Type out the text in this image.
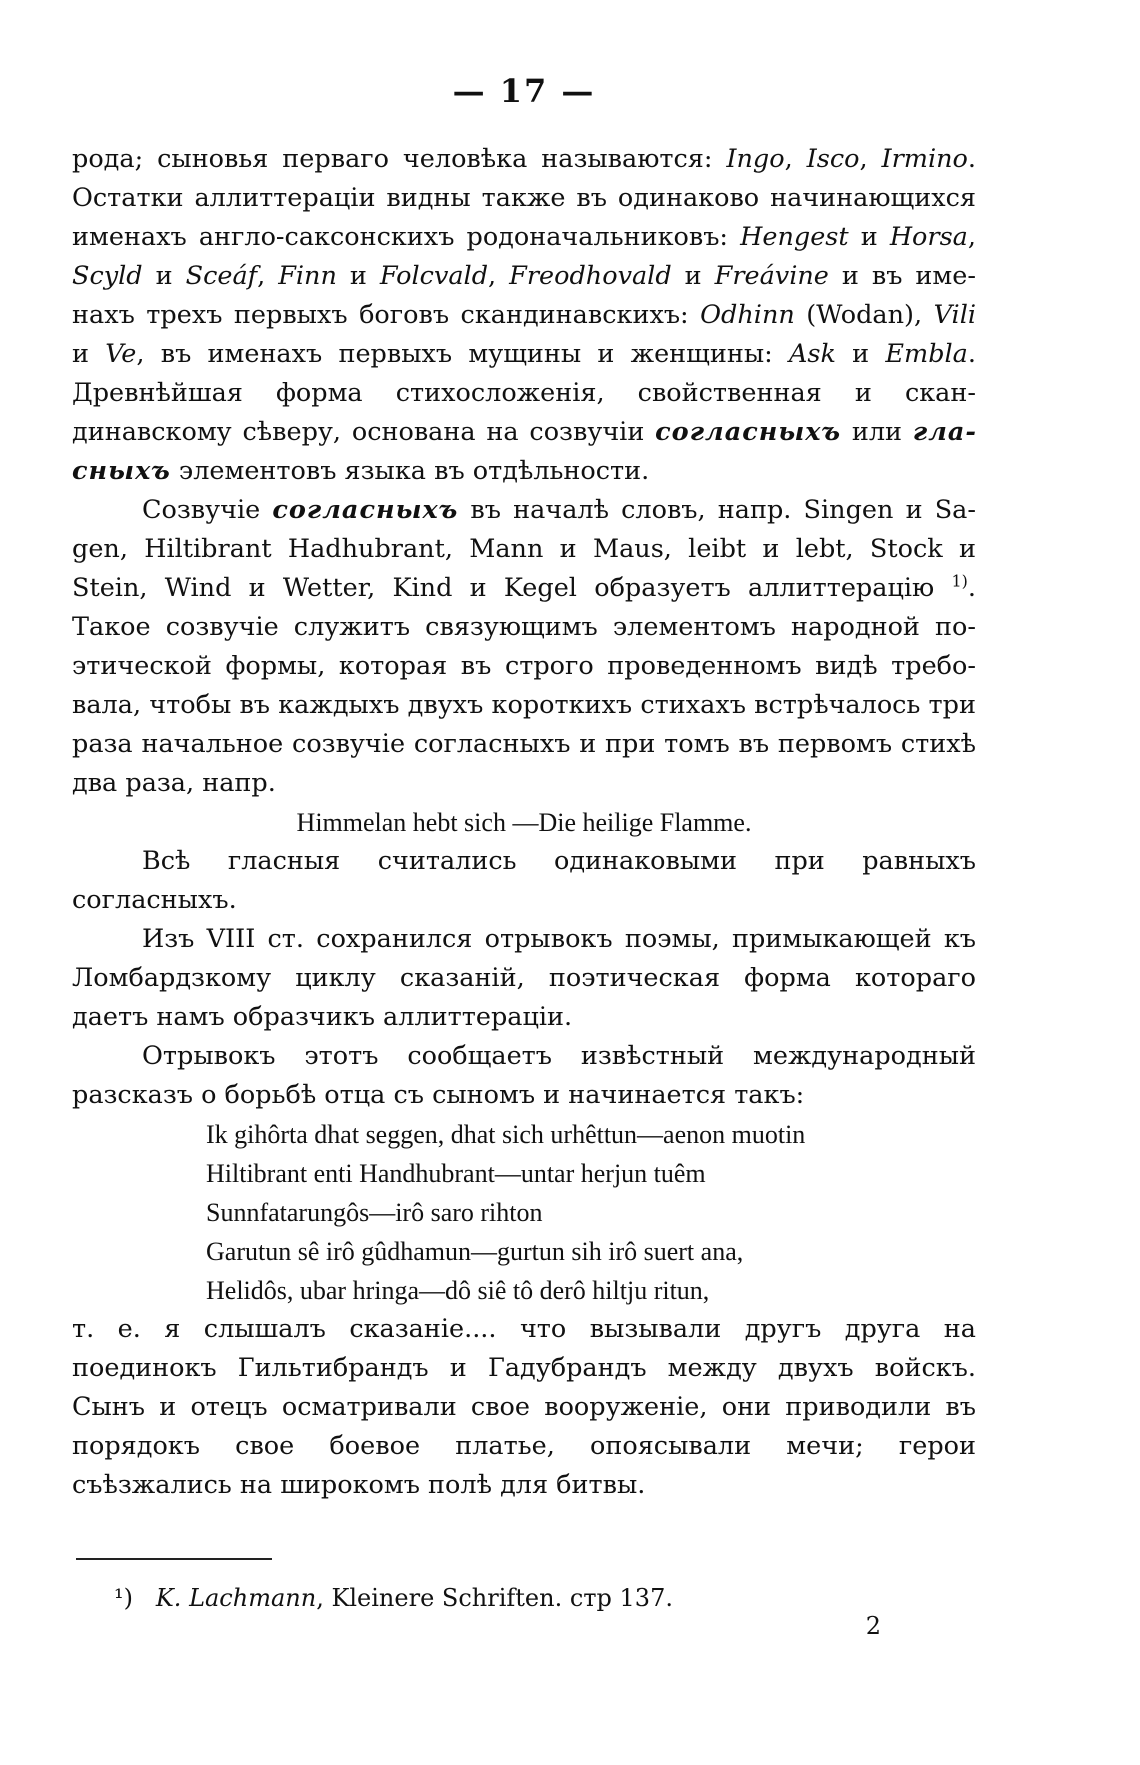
— 17 —

рода; сыновья перваго человѣка называются: Ingo, Isco, Irmino. Остатки аллиттераціи видны также въ одинаково начинающихся именахъ англо-саксонскихъ родоначальниковъ: Hengest и Horsa, Scyld и Sceáf, Finn и Folcvald, Freodhovald и Freávine и въ именахъ трехъ первыхъ боговъ скандинавскихъ: Odhinn (Wodan), Vili и Ve, въ именахъ первыхъ мущины и женщины: Ask и Embla. Древнѣйшая форма стихосложенія, свойственная и скандинавскому сѣверу, основана на созвучіи согласныхъ или гласныхъ элементовъ языка въ отдѣльности.

Созвучіе согласныхъ въ началѣ словъ, напр. Singen и Sagen, Hiltibrant Hadhubrant, Mann и Maus, leibt и lebt, Stock и Stein, Wind и Wetter, Kind и Kegel образуетъ аллиттерацію $^{1)}$. Такое созвучіе служитъ связующимъ элементомъ народной поэтической формы, которая въ строго проведенномъ видѣ требовала, чтобы въ каждыхъ двухъ короткихъ стихахъ встрѣчалось три раза начальное созвучіе согласныхъ и при томъ въ первомъ стихѣ два раза, напр.

Himmelan hebt sich —Die heilige Flamme.

Всѣ гласныя считались одинаковыми при равныхъ согласныхъ.

Изъ VIII ст. сохранился отрывокъ поэмы, примыкающей къ Ломбардзкому циклу сказаній, поэтическая форма котораго даетъ намъ образчикъ аллиттераціи.

Отрывокъ этотъ сообщаетъ извѣстный международный разсказъ о борьбѣ отца съ сыномъ и начинается такъ:

Ik gihôrta dhat seggen, dhat sich urhêttun—aenon muotin
Hiltibrant enti Handhubrant—untar herjun tuêm
Sunnfatarungôs—irô saro rihton
Garutun sê irô gûdhamun—gurtun sih irô suert ana,
Helidôs, ubar hringa—dô siê tô derô hiltju ritun,

т. е. я слышалъ сказаніе.... что вызывали другъ друга на поединокъ Гильтибрандъ и Гадубрандъ между двухъ войскъ. Сынъ и отецъ осматривали свое вооруженіе, они приводили въ порядокъ свое боевое платье, опоясывали мечи; герои съѣзжались на широкомъ полѣ для битвы.

¹) K. Lachmann, Kleinere Schriften. стр 137.
2
